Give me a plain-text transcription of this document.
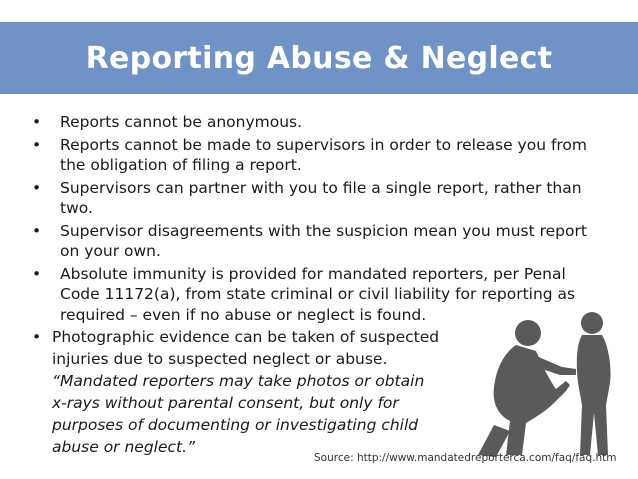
Reporting Abuse & Neglect
• Reports cannot be anonymous.
• Reports cannot be made to supervisors in order to release you from the obligation of filing a report.
• Supervisors can partner with you to file a single report, rather than two.
• Supervisor disagreements with the suspicion mean you must report on your own.
• Absolute immunity is provided for mandated reporters, per Penal Code 11172(a), from state criminal or civil liability for reporting as required – even if no abuse or neglect is found.
• Photographic evidence can be taken of suspected
injuries due to suspected neglect or abuse.
“Mandated reporters may take photos or obtain
x-rays without parental consent, but only for
purposes of documenting or investigating child
abuse or neglect.”
Source: http://www.mandatedreporterca.com/faq/faq.htm
